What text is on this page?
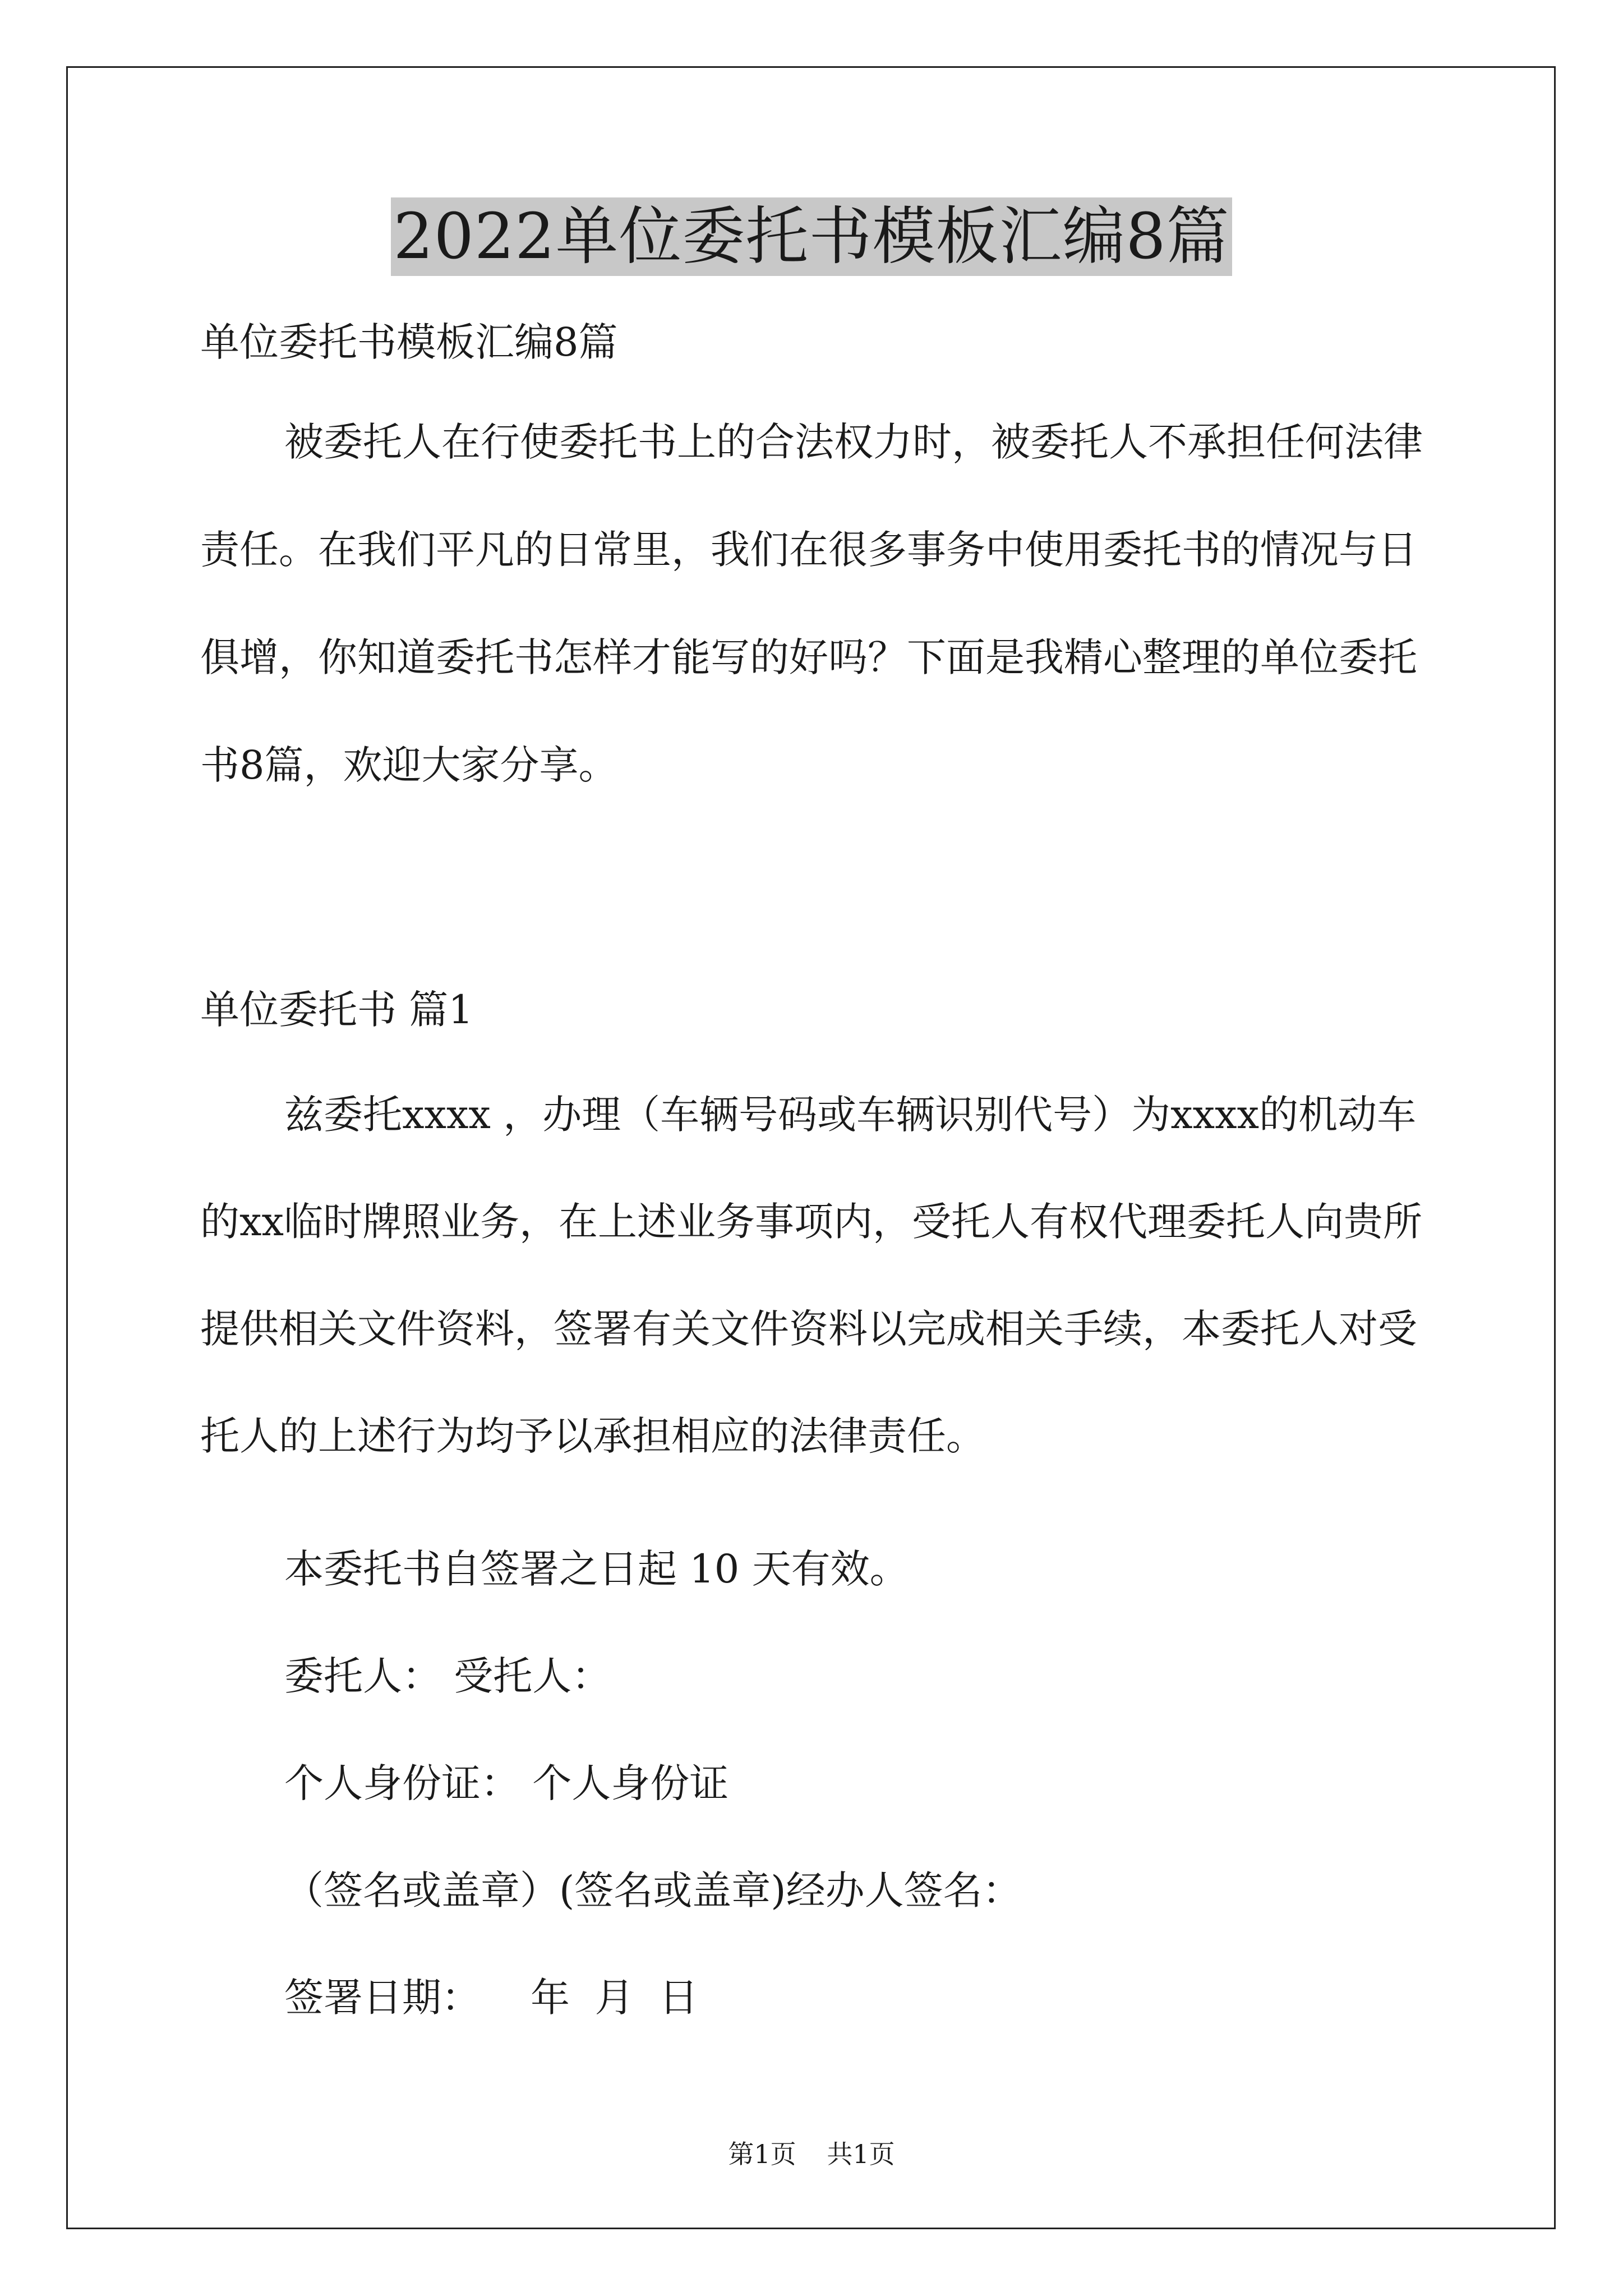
2022单位委托书模板汇编8篇

单位委托书模板汇编8篇

被委托人在行使委托书上的合法权力时，被委托人不承担任何法律责任。在我们平凡的日常里，我们在很多事务中使用委托书的情况与日俱增，你知道委托书怎样才能写的好吗？下面是我精心整理的单位委托书8篇，欢迎大家分享。

单位委托书 篇1

兹委托xxxx ，办理（车辆号码或车辆识别代号）为xxxx的机动车的xx临时牌照业务，在上述业务事项内，受托人有权代理委托人向贵所提供相关文件资料，签署有关文件资料以完成相关手续，本委托人对受托人的上述行为均予以承担相应的法律责任。

本委托书自签署之日起 10 天有效。

委托人： 受托人：

个人身份证： 个人身份证

（签名或盖章）(签名或盖章)经办人签名：

签署日期：    年  月  日

第1页 共1页
